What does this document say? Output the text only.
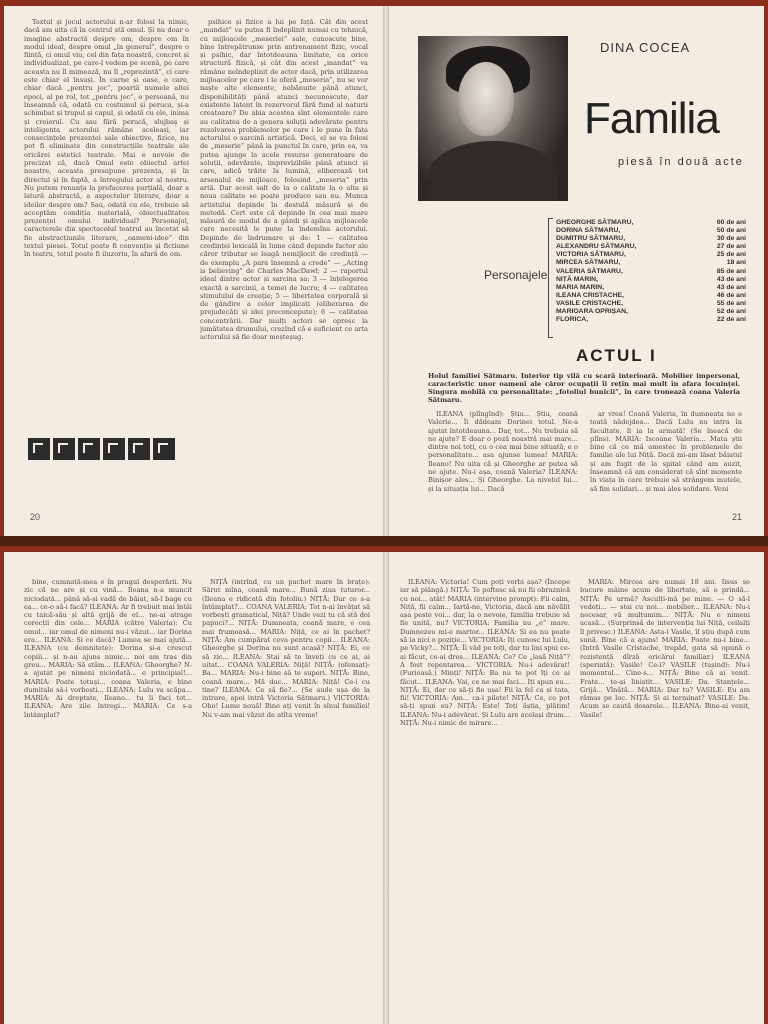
Textul și jocul actorului n-ar folosi la nimic, dacă am uita că în centrul stă omul. Și nu doar o imagine abstractă despre om, despre om în modul ideal, despre omul „în general”, despre o ființă, ci omul viu, cel din fața noastră, concret și individualizat, pe care-l vedem pe scenă, pe care aceasta nu îl mimează, nu îl „reprezintă”, ci care este chiar el însuși. În carne și oase, e care, chiar dacă „pentru joc”, poartă numele altei epoci, al pe rol, tot „pentru joc”, o persoană, nu înseamnă că, odată cu costumul și peruca, și-a schimbat și trupul și capul, și odată cu ele, inima și creierul. Cu sau fără perucă, slujbaș și inteligenta actorului rămâne aceleași, iar consecințele prezenței sale obiective, fizice, nu pot fi eliminate din construcțiile teatrale ale oricărei estetici teatrale. Mai e nevoie de precizat că, dacă Omul este obiectul artei noastre, aceasta presupune prezența, și în directul și în faptă, a întregului actor al nostru. Nu putem renunța la prefacerea parțială, doar a latură abstractă, a aspectelor literare, doar a ideilor despre om? Sau, odată cu ele, trebuie să acceptăm condiția materială, obiectualitatea prezenței omului individual? Personajul, caracterele din spectacolul teatrul au încetat să fie abstracțiunile literare, „oameni-idee” din textul piesei. Totul poate fi convenție și fictiune în teatru, totul poate fi iluzoriu, în afară de om.

psihice și fizice a lui pe față. Cât din acest „mandat” va putea fi îndeplinit numai cu tehnică, cu mijloacele „meseriei” sale, cunoscute bine, bine întrepătrunse prin antrenament fizic, vocal și psihic, dar întotdeauna limitate, ca orice structură fizică, și cât din acest „mandat” va rămâne neîndeplinit de actor dacă, prin utilizarea mijloacelor pe care i le oferă „meseria”, nu se vor naște alte elemente, nebănuite până atunci, disponibilități până atunci necunoscute, dar existente latent în rezervorul fără fund al naturii creatoare? De abia acestea sînt elementele care au calitatea de a genera soluții adevărate pentru rezolvarea problemelor pe care i le pune în fața actorului o sarcină artistică. Deci, el se va folosi de „meserie” până la punctul în care, prin ea, va putea ajunge la acele resurse generatoare de soluții, adevărate, imprevizibile până atunci și care, adică trăite la lumină, eliberează tot arsenalul de mijloace, folosind „meseria” prin artă. Dar acest salt de la o calitate la o alta și noua calitate se poate produce sau nu. Munca artistului depinde în destulă măsură și de metodă. Cert este că depinde în cea mai mare măsură de modul de a gândi și aplica mijloacele care necesită le pune la îndemîna actorului. Depinde de îndrumare și de: 1 — calitatea credinței lexicală în lume când depinde factor ale căror tributar se leagă nemijlocit de credință — de exemplu „A para însemnă a crede” — „Acting is believing” de Charles MacDawl; 2 — raportul ideal dintre actor și sarcina sa; 3 — înțelegerea exactă a sarcinii, a temei de lucru; 4 — calitatea stimulului de creație; 5 — libertatea corporală și de gândire a celor implicați (eliberarea de prejudecăți și idei preconcepute); 6 — calitatea concentrării. Dar mulți actori se opresc la jumătatea drumului, crezînd că e suficient ce arta actorului să fie doar meșteșug.

20
DINA COCEA
Familia
piesă în două acte
Personajele
GHEORGHE SĂTMARU,	60 de ani
DORINA SĂTMARU,	50 de ani
DUMITRU SĂTMARU,	30 de ani
ALEXANDRU SĂTMARU,	27 de ani
VICTORIA SĂTMARU,	25 de ani
MIRCEA SĂTMARU,	18 ani
VALERIA SĂTMARU,	85 de ani
NIȚĂ MARIN,	43 de ani
MARIA MARIN,	43 de ani
ILEANA CRISTACHE,	46 de ani
VASILE CRISTACHE,	55 de ani
MARIOARA OPRIȘAN,	52 de ani
FLORICA,	22 de ani
ACTUL I
Holul familiei Sătmaru. Interior tip vilă cu scară interioară. Mobilier impersonal, caracteristic unor oameni ale căror ocupații îi rețin mai mult în afara locuinței. Singura mobilă cu personalitate: „fotoliul bunicii”, în care tronează coana Valeria Sătmaru.

ILEANA (plîngînd): Știu... Știu, coană Valerie... Îi dădeam Dorinei totul. Ne-a ajutat întotdeauna... Dar, tot... Nu trebuia să ne ajute? E doar o poză noastră mai mare... dintre noi toți, cu o cea mai bine situată, e o personalitate... asa ajunse lumea! MARIA: Ileano! Nu uita că și Gheorghe ar putea să ne ajute. Nu-i așa, coană Valeria? ILEANA: Binișor ales... Și Gheorghe. La nivelul lui... și la situația lui... Dacă

ar vrea! Coană Valeria, în dumneata ne e toată nădejdea... Dacă Lulu nu intra în facultate, îl ia la armată! (Se îneacă de plîns). MARIA: Iscoane Valeria... Mata știi bine că ce mă amestec în problemele de familie ale lui Niță. Dacă mi-am lăsat băiatul și am fugit de la spital când am auzit, înseamnă că am considerat că sînt momente în viața în care trebuie să strângem mutele, să fim solidari... și mai ales solidare. Veni

21

bine, cumnată-mea e în pragul desperării. Nu zic că ne are și cu vină... Ileana n-a muncit niciodată... până să-și vadă de băiat, să-l bage cu ea... ce-o să-i facă? ILEANA: Ar fi trebuit mai întâi cu taică-său și altă grijă de el... ne-ai atrage corecții din cele... MARIA (către Valeria): Cu omul... iar omul de nimeni nu-i văzut... iar Dorina era... ILEANA: Și ce dacă? Lumea se mai ajută... ILEANA (cu demnitate): Dorina și-a crescut copiii... și n-au ajuns nimic... noi am tras din greu... MARIA: Să stăm... ILEANA: Gheorghe? N-a ajutat pe nimeni niciodată... e principial!... MARIA: Poate totuși... coana Valeria, e bine dumitale să-i vorbești... ILEANA: Lulu va scăpa... MARIA: Ai dreptate, Ileano... tu îi faci tot... ILEANA: Are zile întregi... MARIA: Ce s-a întâmplat?

NIȚĂ (intrînd, cu un pachet mare în brațe): Sărut mîna, coană mare... Bună ziua tuturor... (Ileana e ridicată din fotoliu.) NIȚĂ: Dar ce s-a întâmplat?... COANA VALERIA: Tot n-ai învățat să vorbești gramatical, Niță? Unde vezi tu că stă doi papuci?... NIȚĂ: Dumneata, coană mare, e cea mai frumoasă... MARIA: Niță, ce ai în pachet? NIȚĂ: Am cumpărat ceva pentru copii... ILEANA: Gheorghe și Dorina nu sunt acasă? NIȚĂ: Ei, ce să zic... ILEANA: Stai să te înveți cu ce ai, ai uitat... COANA VALERIA: Niță! NIȚĂ: (ofensat): Ba... MARIA: Nu-i bine să te superi. NIȚĂ: Bine, coană mare... Mă duc... MARIA: Niță! Ce-i cu tine? ILEANA: Ce să fie?... (Se aude ușa de la intrare, apoi intră Victoria Sătmaru.) VICTORIA: Oho! Lume nouă! Bine ați venit în sînul familiei! Nu v-am mai văzut de atîta vreme!

ILEANA: Victoria! Cum poți vorbi așa? (Începe iar să plângă.) NIȚĂ: Te poftesc să nu fii obraznică cu noi... atât! MARIA (intervine prompt): Fii calm, Niță, fii calm... Iartă-ne, Victoria, dacă am năvălit așa peste voi... dar, la o nevoie, familia trebuie să fie unită, nu? VICTORIA: Familia nu „e” mare. Dumnezeu mi-e martor... ILEANA: Și ea nu poate să ia nici o poziție... VICTORIA: Iți cunosc lui Lulu, pe Vicky?... NIȚĂ: Îi văd pe toți, dar tu îmi spui ce-ai făcut, ce-ai dres... ILEANA: Ce? Ce „lasă Niță”? A fost repentarea... VICTORIA: Nu-i adevărat! (Furioasă.) Minți! NIȚĂ: Ba nu te pot îți ce ai făcut... ILEANA: Vai, ce ne mai faci... Iți spun eu... NIȚĂ: Ei, dar ce să-ți fie ușa! Fii la fel ca și tata, fii! VICTORIA: Am... ca-i pilote! NIȚĂ: Ce, ce pot să-ți spun eu? NIȚĂ: Este! Toți ăștia, plătim! ILEANA: Nu-i adevărat. Și Lulu are același drum... NIȚĂ: Nu-i nimic de mirare...

MARIA: Mircea are numai 18 ani. Iisus se bucure mâine acum de libertate, să o prindă... NIȚĂ: Pe urmă? Asculți-mă pe mine. — O să-l vedeți... — stai cu noi... mobilier... ILEANA: Nu-i necesar, vă mulțumim... NIȚĂ: Nu e nimeni acasă... (Surprinsă de intervenția lui Niță, ceilalți îl privesc.) ILEANA: Asta-i Vasile, îl știu după cum sună. Bine că a ajuns! MARIA: Poate nu-i bine... (Intră Vasile Cristache, trepăd, gata să opună o rezistență dîrză oricărui familiar.) ILEANA (speriată): Vasile! Ce-i? VASILE (tușind): Nu-i momentul... Cine-s... NIȚĂ: Bine că ai venit. Frate... te-ai liniștit... VASILE: Da. Ștanțele... Grijă... Vînătă... MARIA: Dar tu? VASILE: Eu am rămas pe loc. NIȚĂ: Și ai terminat? VASILE: Da. Acum se caută dosarele... ILEANA: Bine-ai venit, Vasile!
